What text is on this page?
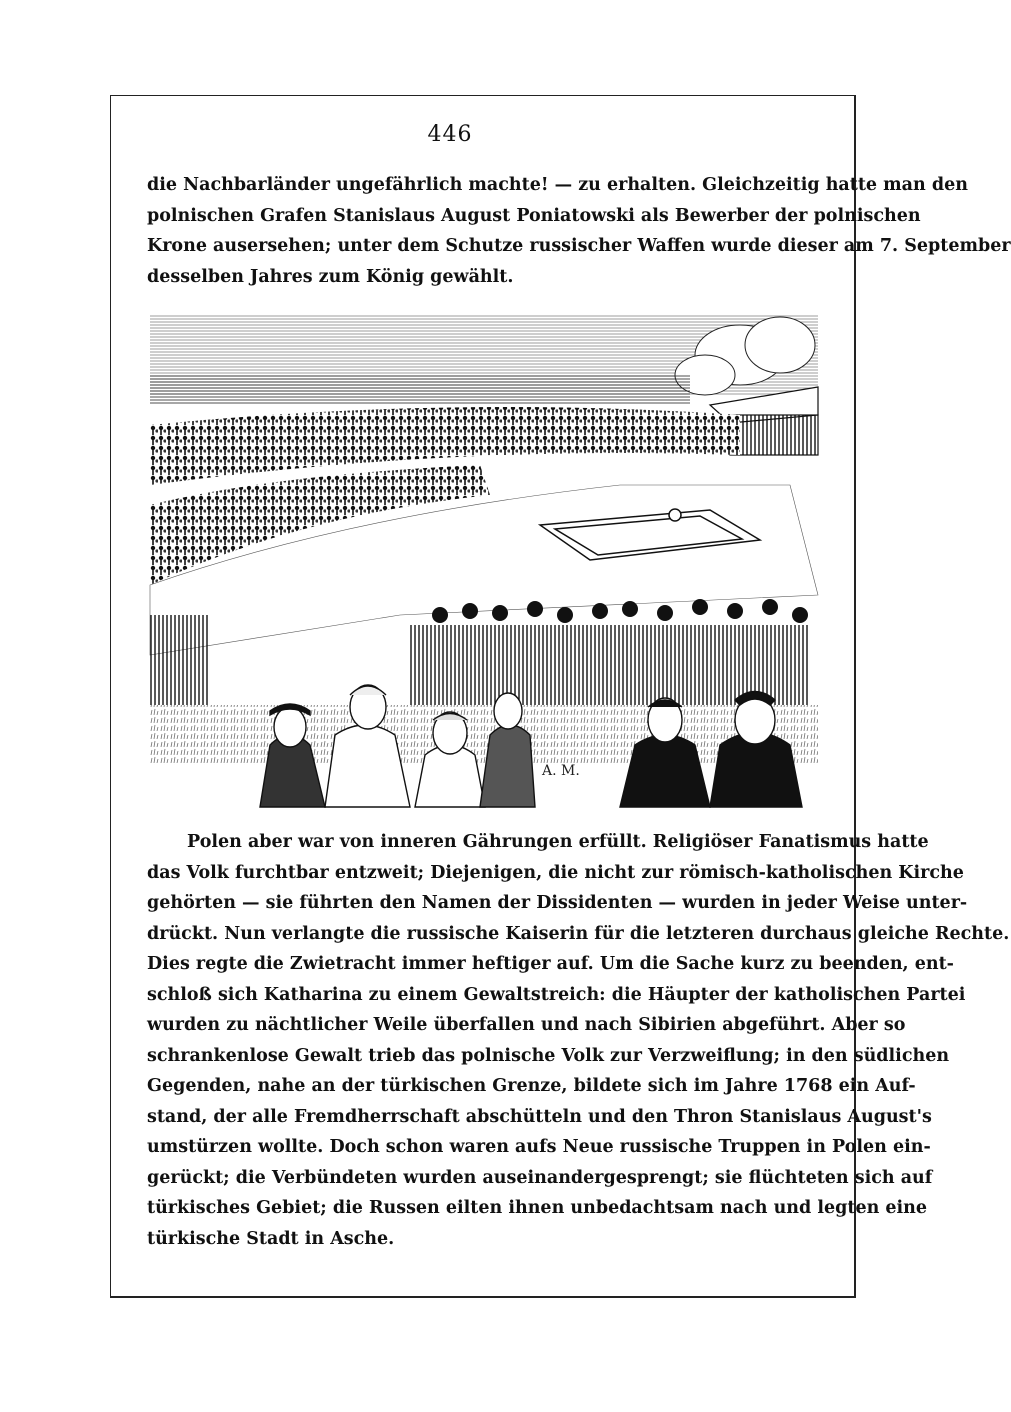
446
die Nachbarländer ungefährlich machte! — zu erhalten. Gleichzeitig hatte man den
polnischen Grafen Stanislaus August Poniatowski als Bewerber der polnischen
Krone ausersehen; unter dem Schutze russischer Waffen wurde dieser am 7. September
desselben Jahres zum König gewählt.
A. M.
Polen aber war von inneren Gährungen erfüllt. Religiöser Fanatismus hatte
das Volk furchtbar entzweit; Diejenigen, die nicht zur römisch-katholischen Kirche
gehörten — sie führten den Namen der Dissidenten — wurden in jeder Weise unter-
drückt. Nun verlangte die russische Kaiserin für die letzteren durchaus gleiche Rechte.
Dies regte die Zwietracht immer heftiger auf. Um die Sache kurz zu beenden, ent-
schloß sich Katharina zu einem Gewaltstreich: die Häupter der katholischen Partei
wurden zu nächtlicher Weile überfallen und nach Sibirien abgeführt. Aber so
schrankenlose Gewalt trieb das polnische Volk zur Verzweiflung; in den südlichen
Gegenden, nahe an der türkischen Grenze, bildete sich im Jahre 1768 ein Auf-
stand, der alle Fremdherrschaft abschütteln und den Thron Stanislaus August's
umstürzen wollte. Doch schon waren aufs Neue russische Truppen in Polen ein-
gerückt; die Verbündeten wurden auseinandergesprengt; sie flüchteten sich auf
türkisches Gebiet; die Russen eilten ihnen unbedachtsam nach und legten eine
türkische Stadt in Asche.
